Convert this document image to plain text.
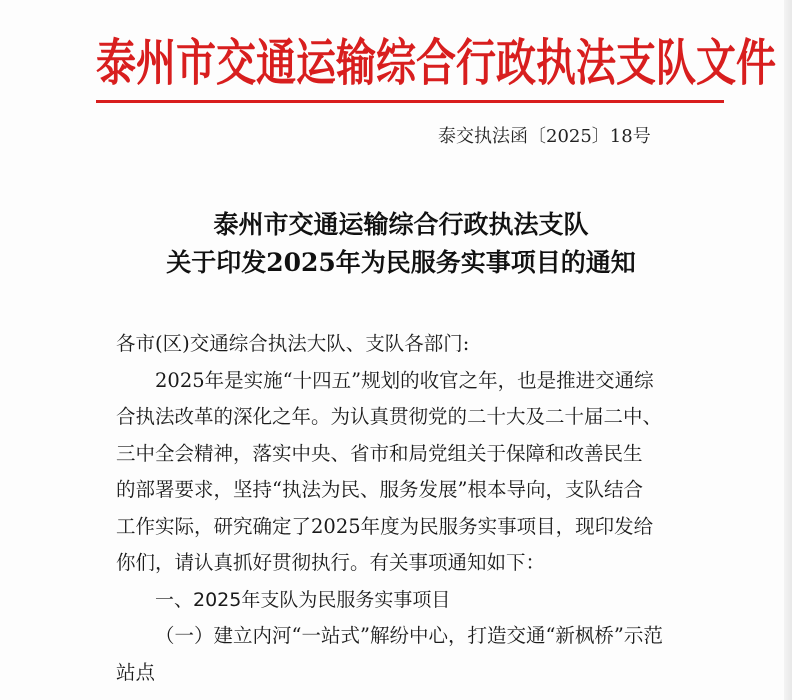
泰州市交通运输综合行政执法支队文件
泰交执法函〔2025〕18号
泰州市交通运输综合行政执法支队
关于印发2025年为民服务实事项目的通知

各市(区)交通综合执法大队、支队各部门:

2025年是实施“十四五”规划的收官之年，也是推进交通综

合执法改革的深化之年。为认真贯彻党的二十大及二十届二中、

三中全会精神，落实中央、省市和局党组关于保障和改善民生

的部署要求，坚持“执法为民、服务发展”根本导向，支队结合

工作实际，研究确定了2025年度为民服务实事项目，现印发给

你们，请认真抓好贯彻执行。有关事项通知如下：

一、2025年支队为民服务实事项目

（一）建立内河“一站式”解纷中心，打造交通“新枫桥”示范

站点
